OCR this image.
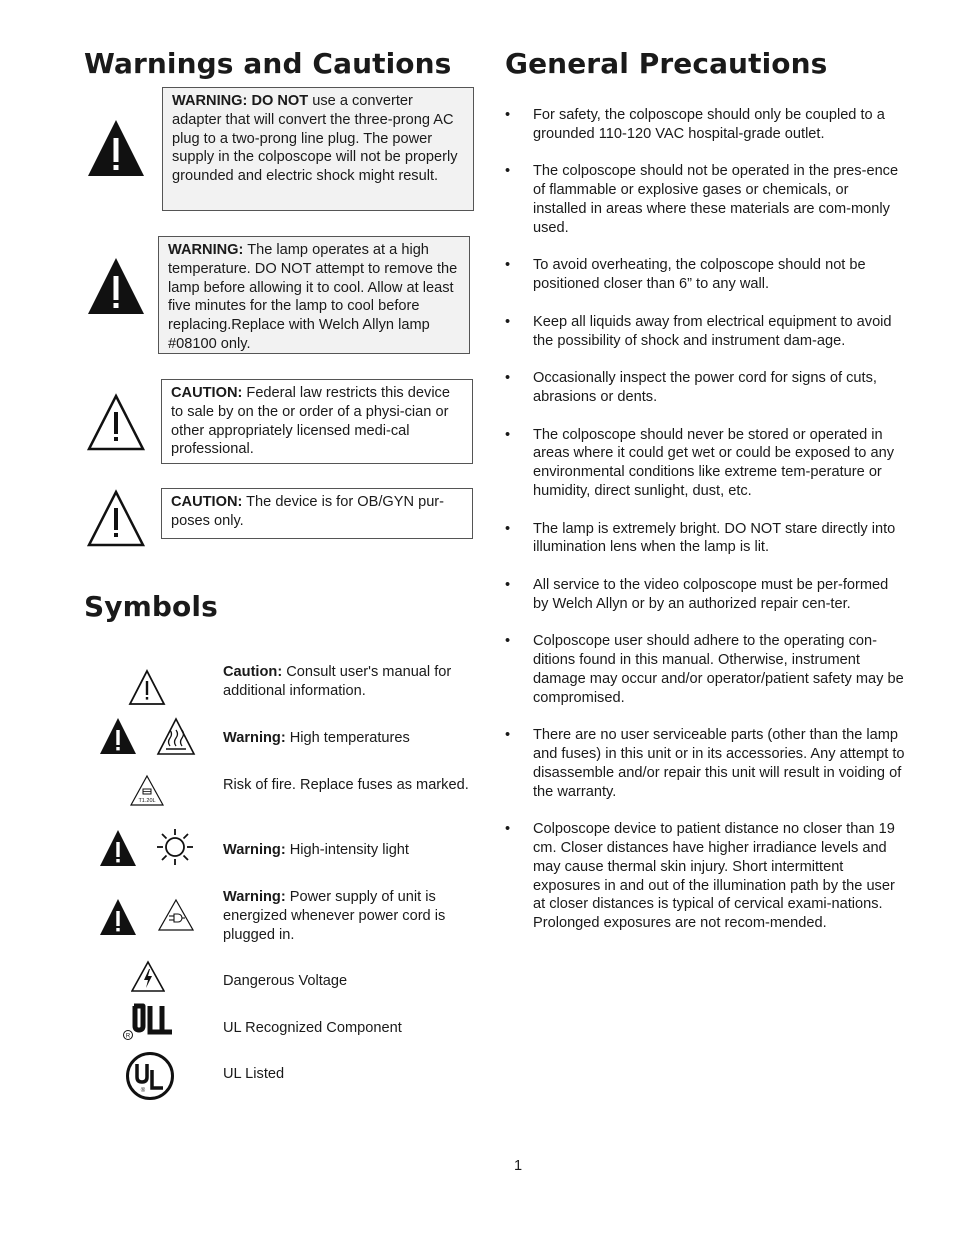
Warnings and Cautions
WARNING: DO NOT use a converter adapter that will convert the three-prong AC plug to a two-prong line plug. The power supply in the colposcope will not be properly grounded and electric shock might result.
WARNING: The lamp operates at a high temperature. DO NOT attempt to remove the lamp before allowing it to cool. Allow at least five minutes for the lamp to cool before replacing.Replace with Welch Allyn lamp #08100 only.
CAUTION: Federal law restricts this device to sale by on the or order of a physi-cian or other appropriately licensed medi-cal professional.
CAUTION: The device is for OB/GYN pur-poses only.
Symbols
Caution: Consult user's manual for additional information.
Warning: High temperatures
T1.20L
Risk of fire. Replace fuses as marked.
Warning: High-intensity light
Warning: Power supply of unit is energized whenever power cord is plugged in.
Dangerous Voltage
R
UL Recognized Component
®
UL Listed
General Precautions
• For safety, the colposcope should only be coupled to a grounded 110-120 VAC hospital-grade outlet.
• The colposcope should not be operated in the pres-ence of flammable or explosive gases or chemicals, or installed in areas where these materials are com-monly used.
• To avoid overheating, the colposcope should not be positioned closer than 6” to any wall.
• Keep all liquids away from electrical equipment to avoid the possibility of shock and instrument dam-age.
• Occasionally inspect the power cord for signs of cuts, abrasions or dents.
• The colposcope should never be stored or operated in areas where it could get wet or could be exposed to any environmental conditions like extreme tem-perature or humidity, direct sunlight, dust, etc.
• The lamp is extremely bright. DO NOT stare directly into illumination lens when the lamp is lit.
• All service to the video colposcope must be per-formed by Welch Allyn or by an authorized repair cen-ter.
• Colposcope user should adhere to the operating con-ditions found in this manual. Otherwise, instrument damage may occur and/or operator/patient safety may be compromised.
• There are no user serviceable parts (other than the lamp and fuses) in this unit or in its accessories. Any attempt to disassemble and/or repair this unit will result in voiding of the warranty.
• Colposcope device to patient distance no closer than 19 cm. Closer distances have higher irradiance levels and may cause thermal skin injury. Short intermittent exposures in and out of the illumination path by the user at closer distances is typical of cervical exami-nations. Prolonged exposures are not recom-mended.
1
